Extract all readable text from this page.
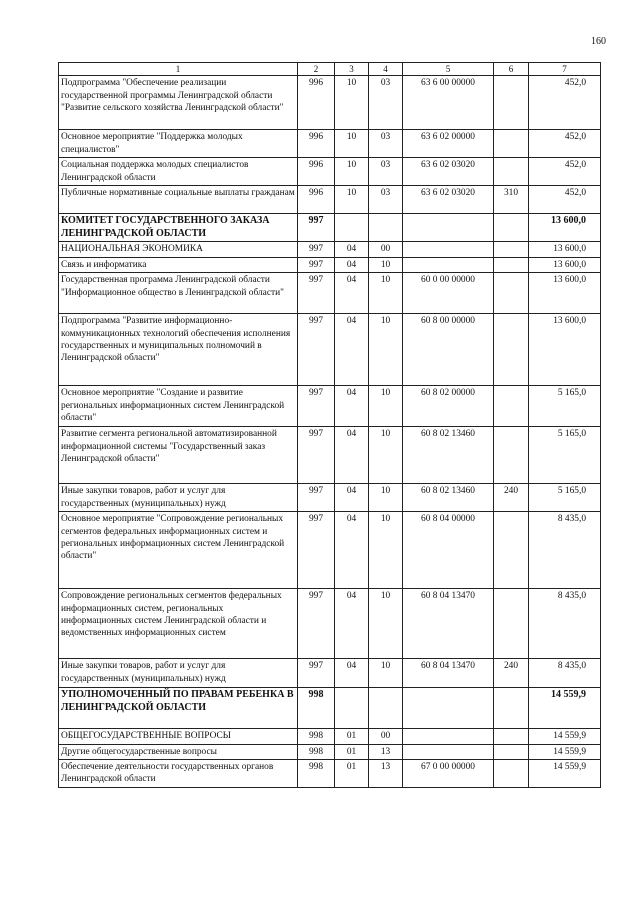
160
1	2	3	4	5	6	7
Подпрограмма "Обеспечение реализации государственной программы Ленинградской области "Развитие сельского хозяйства Ленинградской области"	996	10	03	63 6 00 00000		452,0
Основное мероприятие "Поддержка молодых специалистов"	996	10	03	63 6 02 00000		452,0
Социальная поддержка молодых специалистов Ленинградской области	996	10	03	63 6 02 03020		452,0
Публичные нормативные социальные выплаты гражданам	996	10	03	63 6 02 03020	310	452,0
КОМИТЕТ ГОСУДАРСТВЕННОГО ЗАКАЗА ЛЕНИНГРАДСКОЙ ОБЛАСТИ	997					13 600,0
НАЦИОНАЛЬНАЯ ЭКОНОМИКА	997	04	00			13 600,0
Связь и информатика	997	04	10			13 600,0
Государственная программа Ленинградской области "Информационное общество в Ленинградской области"	997	04	10	60 0 00 00000		13 600,0
Подпрограмма "Развитие информационно-коммуникационных технологий обеспечения исполнения государственных и муниципальных полномочий в Ленинградской области"	997	04	10	60 8 00 00000		13 600,0
Основное мероприятие "Создание и развитие региональных информационных систем Ленинградской области"	997	04	10	60 8 02 00000		5 165,0
Развитие сегмента региональной автоматизированной информационной системы "Государственный заказ Ленинградской области"	997	04	10	60 8 02 13460		5 165,0
Иные закупки товаров, работ и услуг для государственных (муниципальных) нужд	997	04	10	60 8 02 13460	240	5 165,0
Основное мероприятие "Сопровождение региональных сегментов федеральных информационных систем и региональных информационных систем Ленинградской области"	997	04	10	60 8 04 00000		8 435,0
Сопровождение региональных сегментов федеральных информационных систем, региональных информационных систем Ленинградской области и ведомственных информационных систем	997	04	10	60 8 04 13470		8 435,0
Иные закупки товаров, работ и услуг для государственных (муниципальных) нужд	997	04	10	60 8 04 13470	240	8 435,0
УПОЛНОМОЧЕННЫЙ ПО ПРАВАМ РЕБЕНКА В ЛЕНИНГРАДСКОЙ ОБЛАСТИ	998					14 559,9
ОБЩЕГОСУДАРСТВЕННЫЕ ВОПРОСЫ	998	01	00			14 559,9
Другие общегосударственные вопросы	998	01	13			14 559,9
Обеспечение деятельности государственных органов Ленинградской области	998	01	13	67 0 00 00000		14 559,9
